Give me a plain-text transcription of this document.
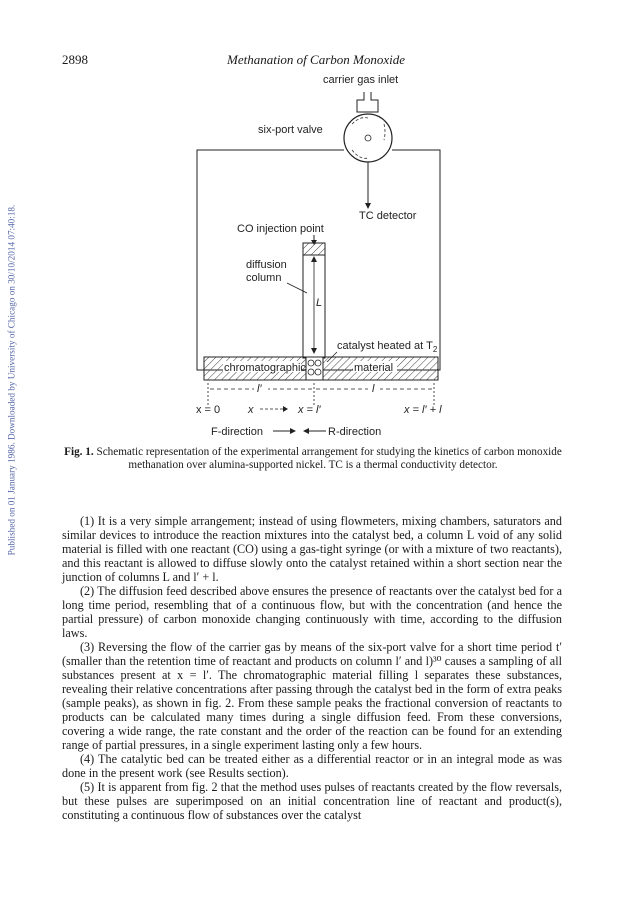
Published on 01 January 1986. Downloaded by University of Chicago on 30/10/2014 07:40:18.
2898	Methanation of Carbon Monoxide
carrier gas inlet
six-port valve
TC detector
CO injection point
diffusion
column
L
catalyst heated at $T_2$
chromatographic	material
l′	l
x = 0	x	x = l′	x = l′ + l
F-direction	R-direction
Fig. 1. Schematic representation of the experimental arrangement for studying the kinetics of carbon monoxide methanation over alumina-supported nickel. TC is a thermal conductivity detector.

(1) It is a very simple arrangement; instead of using flowmeters, mixing chambers, saturators and similar devices to introduce the reaction mixtures into the catalyst bed, a column L void of any solid material is filled with one reactant (CO) using a gas-tight syringe (or with a mixture of two reactants), and this reactant is allowed to diffuse slowly onto the catalyst retained within a short section near the junction of columns L and l′ + l.

(2) The diffusion feed described above ensures the presence of reactants over the catalyst bed for a long time period, resembling that of a continuous flow, but with the concentration (and hence the partial pressure) of carbon monoxide changing continuously with time, according to the diffusion laws.

(3) Reversing the flow of the carrier gas by means of the six-port valve for a short time period t′ (smaller than the retention time of reactant and products on column l′ and l)³⁰ causes a sampling of all substances present at x = l′. The chromatographic material filling l separates these substances, revealing their relative concentrations after passing through the catalyst bed in the form of extra peaks (sample peaks), as shown in fig. 2. From these sample peaks the fractional conversion of reactants to products can be calculated many times during a single diffusion feed. From these conversions, covering a wide range, the rate constant and the order of the reaction can be found for an extending range of partial pressures, in a single experiment lasting only a few hours.

(4) The catalytic bed can be treated either as a differential reactor or in an integral mode as was done in the present work (see Results section).

(5) It is apparent from fig. 2 that the method uses pulses of reactants created by the flow reversals, but these pulses are superimposed on an initial concentration line of reactant and product(s), constituting a continuous flow of substances over the catalyst
